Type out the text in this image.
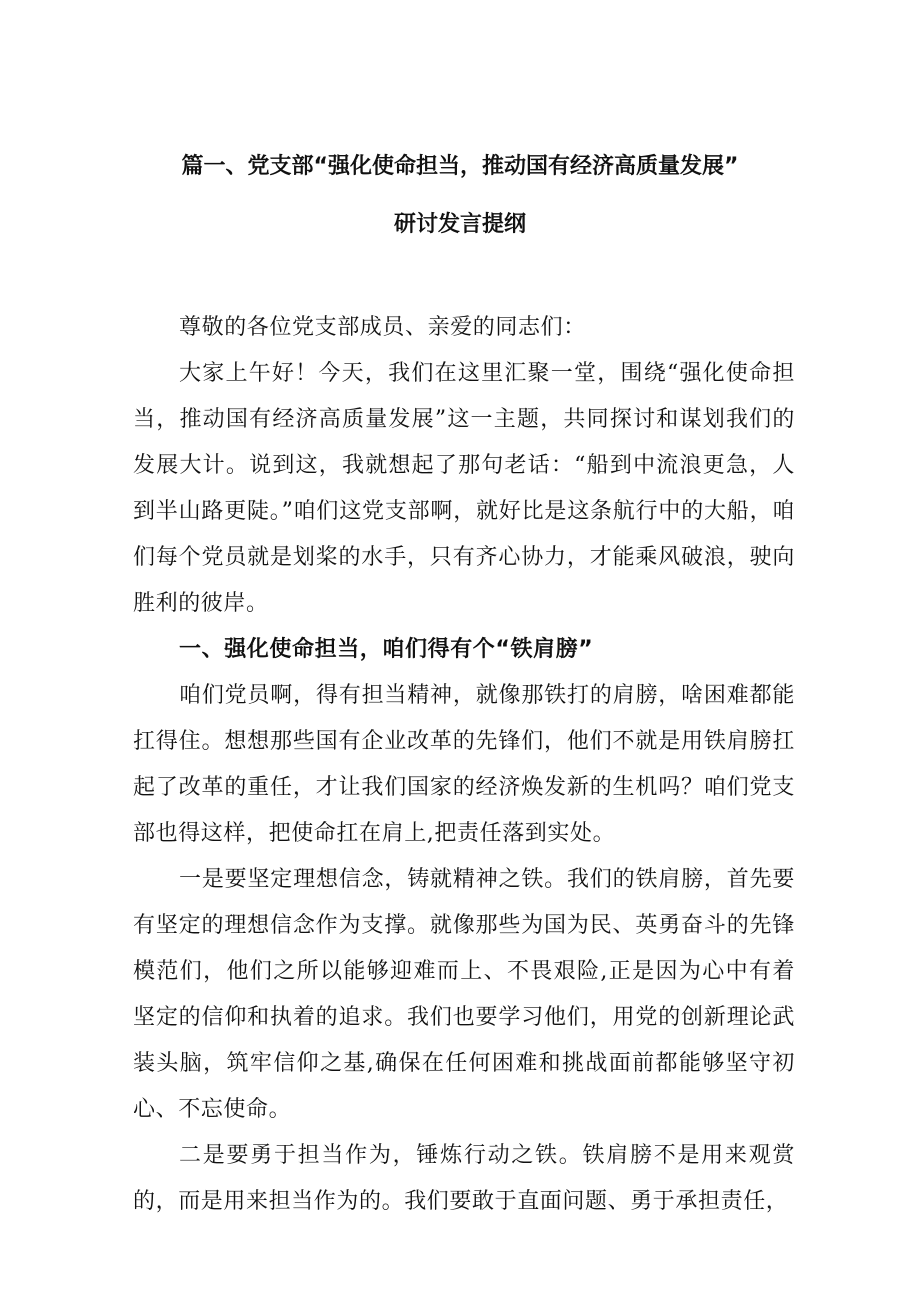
篇一、党支部“强化使命担当，推动国有经济高质量发展”
研讨发言提纲

尊敬的各位党支部成员、亲爱的同志们：

大家上午好！今天，我们在这里汇聚一堂，围绕“强化使命担当，推动国有经济高质量发展”这一主题，共同探讨和谋划我们的发展大计。说到这，我就想起了那句老话：“船到中流浪更急，人到半山路更陡。”咱们这党支部啊，就好比是这条航行中的大船，咱们每个党员就是划桨的水手，只有齐心协力，才能乘风破浪，驶向胜利的彼岸。

一、强化使命担当，咱们得有个“铁肩膀”

咱们党员啊，得有担当精神，就像那铁打的肩膀，啥困难都能扛得住。想想那些国有企业改革的先锋们，他们不就是用铁肩膀扛起了改革的重任，才让我们国家的经济焕发新的生机吗？咱们党支部也得这样，把使命扛在肩上,把责任落到实处。

一是要坚定理想信念，铸就精神之铁。我们的铁肩膀，首先要有坚定的理想信念作为支撑。就像那些为国为民、英勇奋斗的先锋模范们，他们之所以能够迎难而上、不畏艰险,正是因为心中有着坚定的信仰和执着的追求。我们也要学习他们，用党的创新理论武装头脑，筑牢信仰之基,确保在任何困难和挑战面前都能够坚守初心、不忘使命。

二是要勇于担当作为，锤炼行动之铁。铁肩膀不是用来观赏的，而是用来担当作为的。我们要敢于直面问题、勇于承担责任，
